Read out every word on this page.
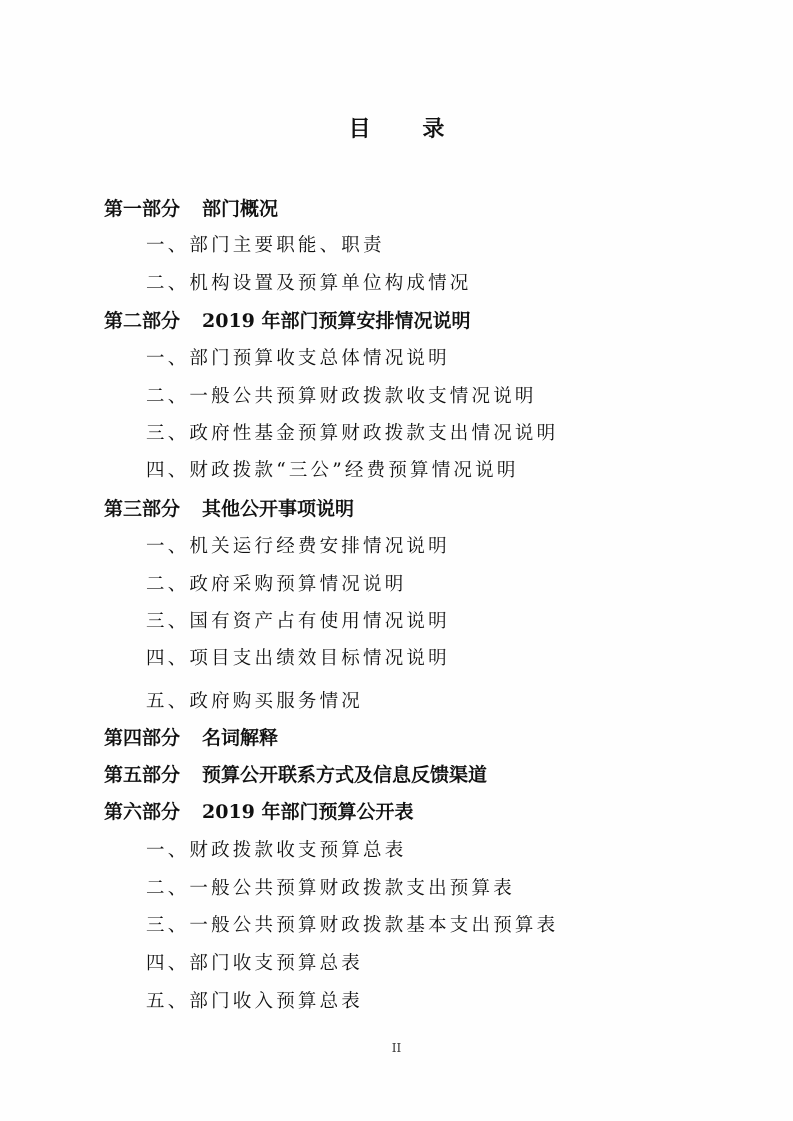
目 录
第一部分 部门概况
一、部门主要职能、职责
二、机构设置及预算单位构成情况
第二部分 2019 年部门预算安排情况说明
一、部门预算收支总体情况说明
二、一般公共预算财政拨款收支情况说明
三、政府性基金预算财政拨款支出情况说明
四、财政拨款“三公”经费预算情况说明
第三部分 其他公开事项说明
一、机关运行经费安排情况说明
二、政府采购预算情况说明
三、国有资产占有使用情况说明
四、项目支出绩效目标情况说明
五、政府购买服务情况
第四部分 名词解释
第五部分 预算公开联系方式及信息反馈渠道
第六部分 2019 年部门预算公开表
一、财政拨款收支预算总表
二、一般公共预算财政拨款支出预算表
三、一般公共预算财政拨款基本支出预算表
四、部门收支预算总表
五、部门收入预算总表
II
